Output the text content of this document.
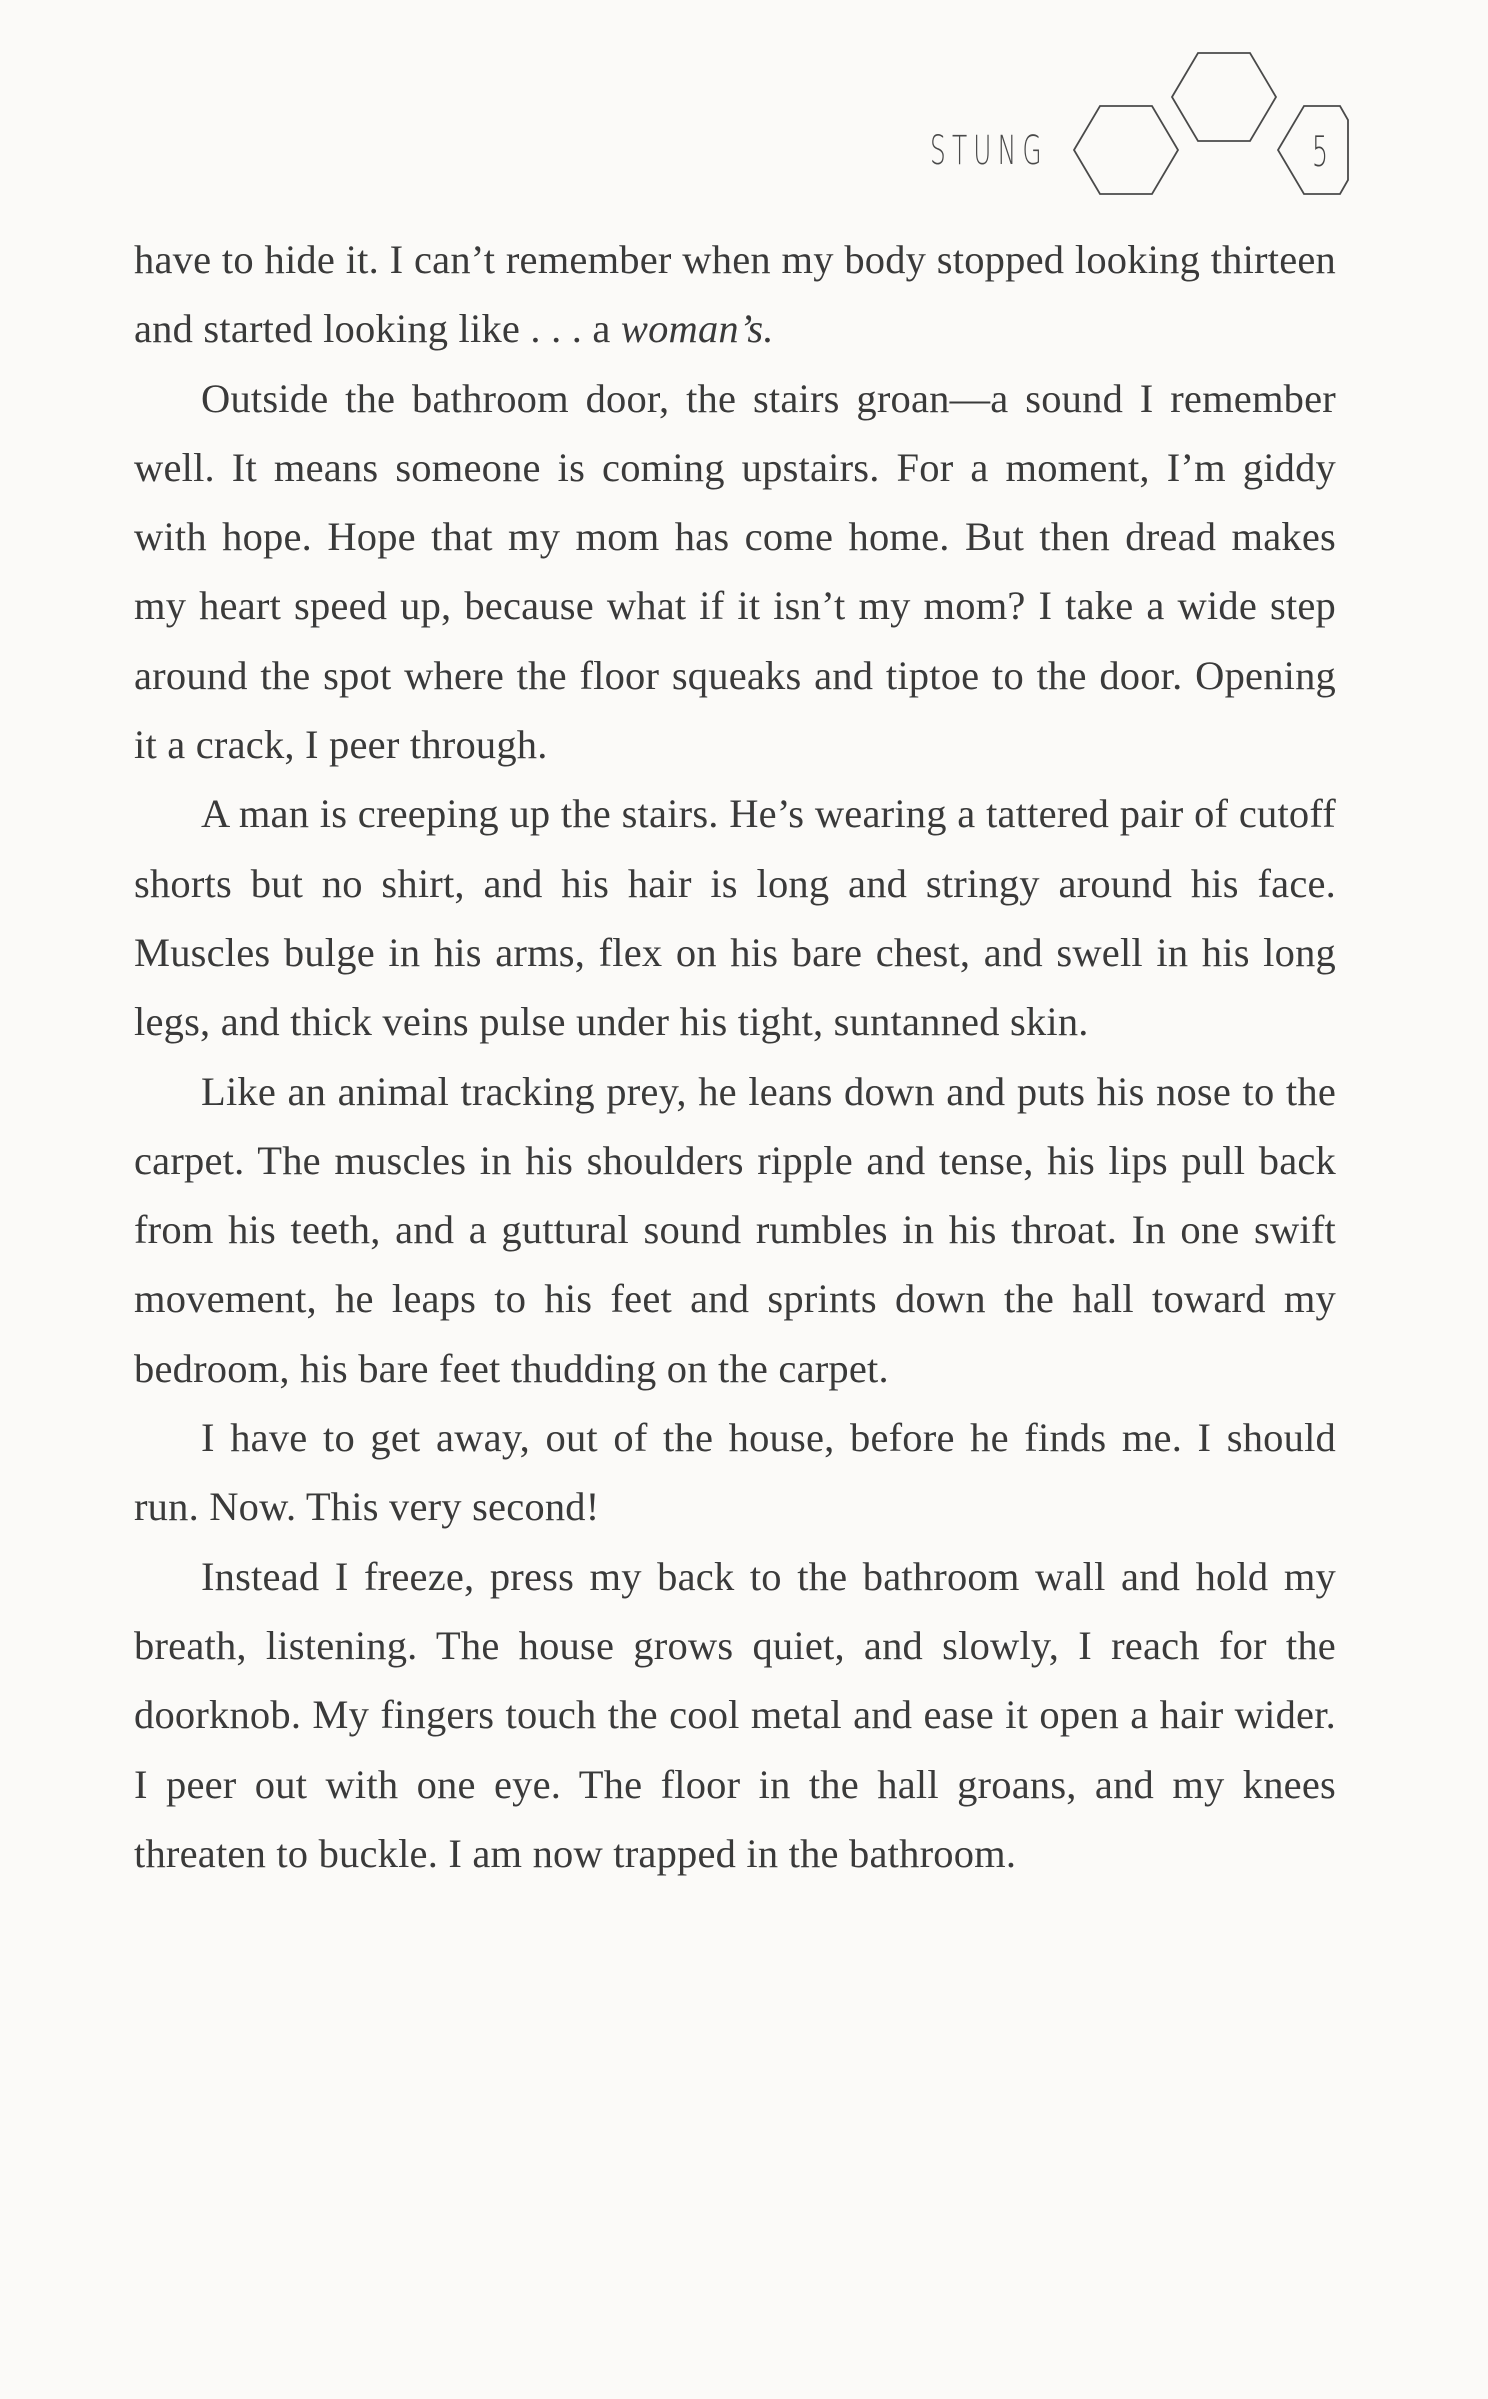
STUNG	5

have to hide it. I can’t remember when my body stopped looking thirteen and started looking like . . . a woman’s.

Outside the bathroom door, the stairs groan—a sound I remember well. It means someone is coming upstairs. For a moment, I’m giddy with hope. Hope that my mom has come home. But then dread makes my heart speed up, because what if it isn’t my mom? I take a wide step around the spot where the floor squeaks and tiptoe to the door. Opening it a crack, I peer through.

A man is creeping up the stairs. He’s wearing a tattered pair of cutoff shorts but no shirt, and his hair is long and stringy around his face. Muscles bulge in his arms, flex on his bare chest, and swell in his long legs, and thick veins pulse under his tight, suntanned skin.

Like an animal tracking prey, he leans down and puts his nose to the carpet. The muscles in his shoulders ripple and tense, his lips pull back from his teeth, and a guttural sound rumbles in his throat. In one swift movement, he leaps to his feet and sprints down the hall toward my bedroom, his bare feet thudding on the carpet.

I have to get away, out of the house, before he finds me. I should run. Now. This very second!

Instead I freeze, press my back to the bathroom wall and hold my breath, listening. The house grows quiet, and slowly, I reach for the doorknob. My fingers touch the cool metal and ease it open a hair wider. I peer out with one eye. The floor in the hall groans, and my knees threaten to buckle. I am now trapped in the bathroom.
